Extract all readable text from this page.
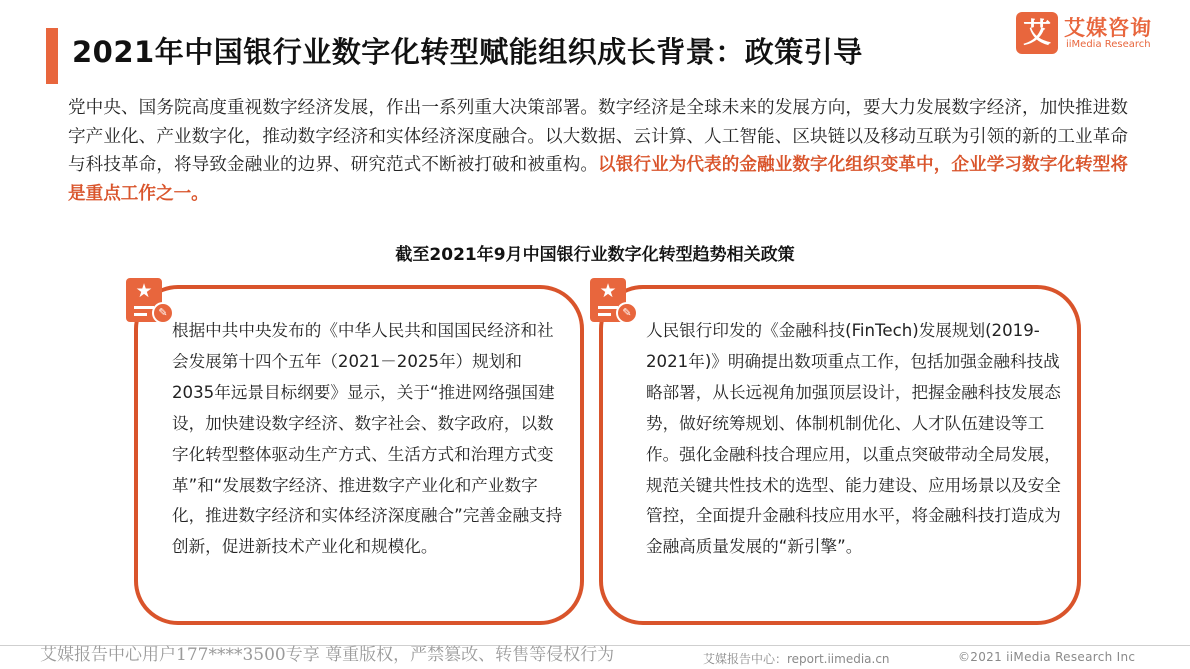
2021年中国银行业数字化转型赋能组织成长背景：政策引导
艾 艾媒咨询
iiMedia Research
党中央、国务院高度重视数字经济发展，作出一系列重大决策部署。数字经济是全球未来的发展方向，要大力发展数字经济，加快推进数字产业化、产业数字化，推动数字经济和实体经济深度融合。以大数据、云计算、人工智能、区块链以及移动互联为引领的新的工业革命与科技革命，将导致金融业的边界、研究范式不断被打破和被重构。以银行业为代表的金融业数字化组织变革中，企业学习数字化转型将是重点工作之一。
截至2021年9月中国银行业数字化转型趋势相关政策
★
✎
★
✎
根据中共中央发布的《中华人民共和国国民经济和社会发展第十四个五年（2021－2025年）规划和2035年远景目标纲要》显示，关于“推进网络强国建设，加快建设数字经济、数字社会、数字政府，以数字化转型整体驱动生产方式、生活方式和治理方式变革”和“发展数字经济、推进数字产业化和产业数字化，推进数字经济和实体经济深度融合”完善金融支持创新，促进新技术产业化和规模化。
人民银行印发的《金融科技(FinTech)发展规划(2019-2021年)》明确提出数项重点工作，包括加强金融科技战略部署，从长远视角加强顶层设计，把握金融科技发展态势，做好统筹规划、体制机制优化、人才队伍建设等工作。强化金融科技合理应用，以重点突破带动全局发展，规范关键共性技术的选型、能力建设、应用场景以及安全管控，全面提升金融科技应用水平，将金融科技打造成为金融高质量发展的“新引擎”。
艾媒报告中心用户177****3500专享 尊重版权，严禁篡改、转售等侵权行为	艾媒报告中心：report.iimedia.cn	©2021 iiMedia Research Inc
